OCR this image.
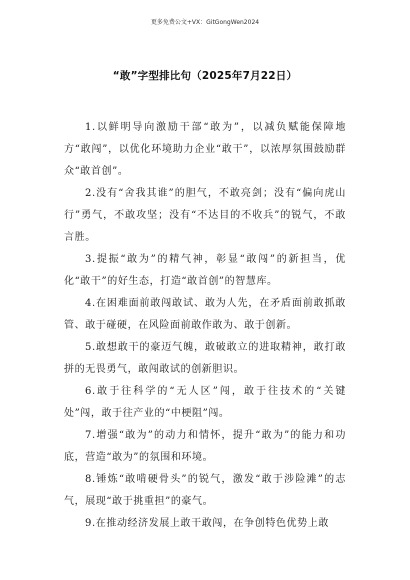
更多免费公文+VX：GitGongWen2024
“敢”字型排比句（2025年7月22日）

1.以鲜明导向激励干部“敢为”，以减负赋能保障地方“敢闯”，以优化环境助力企业“敢干”，以浓厚氛围鼓励群众“敢首创”。

2.没有“舍我其谁”的胆气，不敢亮剑；没有“偏向虎山行”勇气，不敢攻坚；没有“不达目的不收兵”的锐气，不敢言胜。

3.提振“敢为”的精气神，彰显“敢闯”的新担当，优化“敢干”的好生态，打造“敢首创”的智慧库。

4.在困难面前敢闯敢试、敢为人先，在矛盾面前敢抓敢管、敢于碰硬，在风险面前敢作敢为、敢于创新。

5.敢想敢干的豪迈气魄，敢破敢立的进取精神，敢打敢拼的无畏勇气，敢闯敢试的创新胆识。

6.敢于往科学的“无人区”闯，敢于往技术的“关键处”闯，敢于往产业的“中梗阻”闯。

7.增强“敢为”的动力和情怀，提升“敢为”的能力和功底，营造“敢为”的氛围和环境。

8.锤炼“敢啃硬骨头”的锐气，激发“敢于涉险滩”的志气，展现“敢于挑重担”的豪气。

9.在推动经济发展上敢干敢闯，在争创特色优势上敢
